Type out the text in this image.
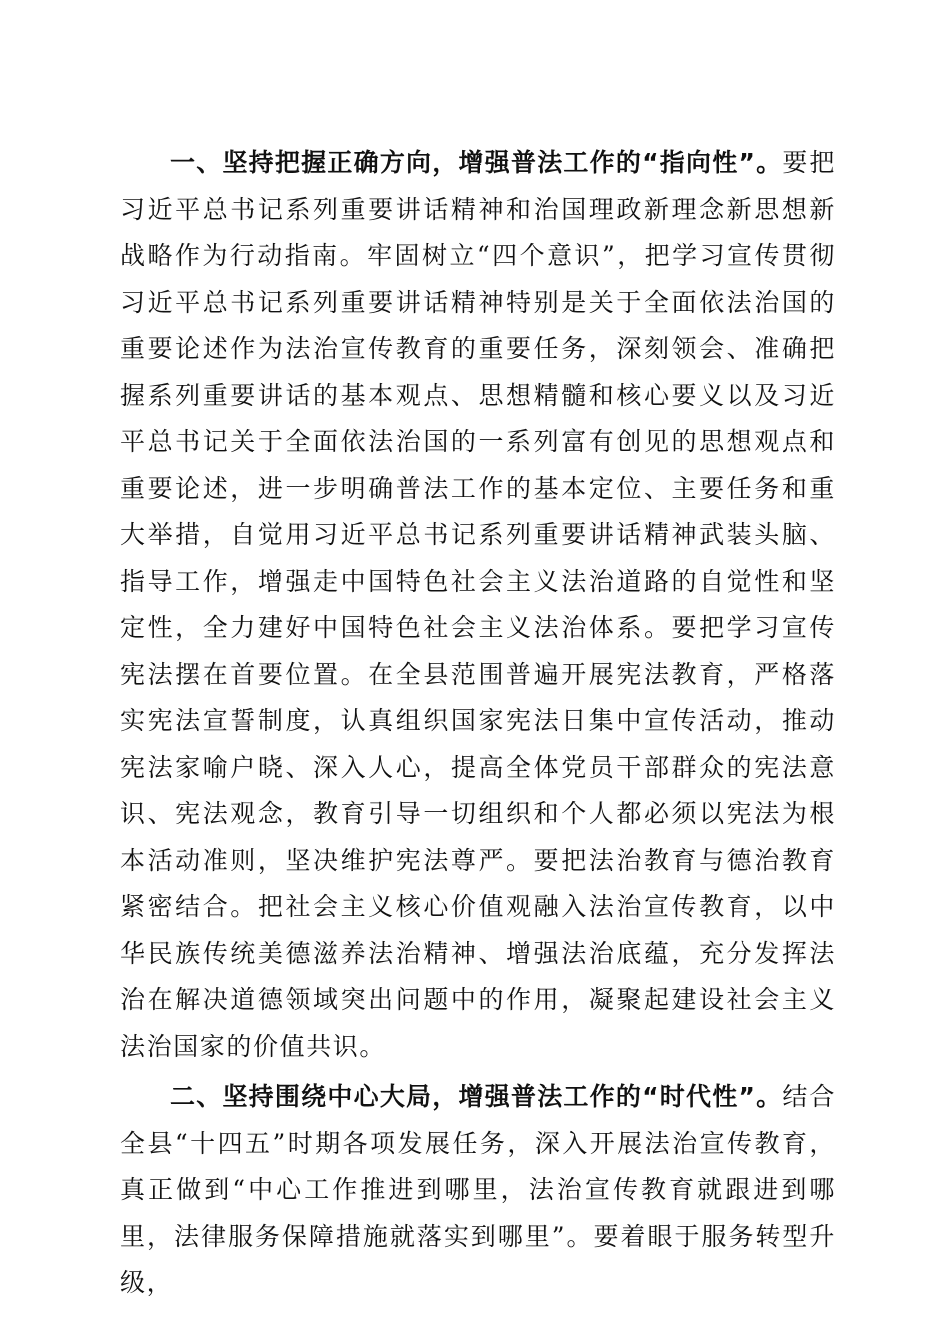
一、坚持把握正确方向，增强普法工作的“指向性”。要把习近平总书记系列重要讲话精神和治国理政新理念新思想新战略作为行动指南。牢固树立“四个意识”，把学习宣传贯彻习近平总书记系列重要讲话精神特别是关于全面依法治国的重要论述作为法治宣传教育的重要任务，深刻领会、准确把握系列重要讲话的基本观点、思想精髓和核心要义以及习近平总书记关于全面依法治国的一系列富有创见的思想观点和重要论述，进一步明确普法工作的基本定位、主要任务和重大举措，自觉用习近平总书记系列重要讲话精神武装头脑、指导工作，增强走中国特色社会主义法治道路的自觉性和坚定性，全力建好中国特色社会主义法治体系。要把学习宣传宪法摆在首要位置。在全县范围普遍开展宪法教育，严格落实宪法宣誓制度，认真组织国家宪法日集中宣传活动，推动宪法家喻户晓、深入人心，提高全体党员干部群众的宪法意识、宪法观念，教育引导一切组织和个人都必须以宪法为根本活动准则，坚决维护宪法尊严。要把法治教育与德治教育紧密结合。把社会主义核心价值观融入法治宣传教育，以中华民族传统美德滋养法治精神、增强法治底蕴，充分发挥法治在解决道德领域突出问题中的作用，凝聚起建设社会主义法治国家的价值共识。

二、坚持围绕中心大局，增强普法工作的“时代性”。结合全县“十四五”时期各项发展任务，深入开展法治宣传教育，真正做到“中心工作推进到哪里，法治宣传教育就跟进到哪里，法律服务保障措施就落实到哪里”。要着眼于服务转型升级，
